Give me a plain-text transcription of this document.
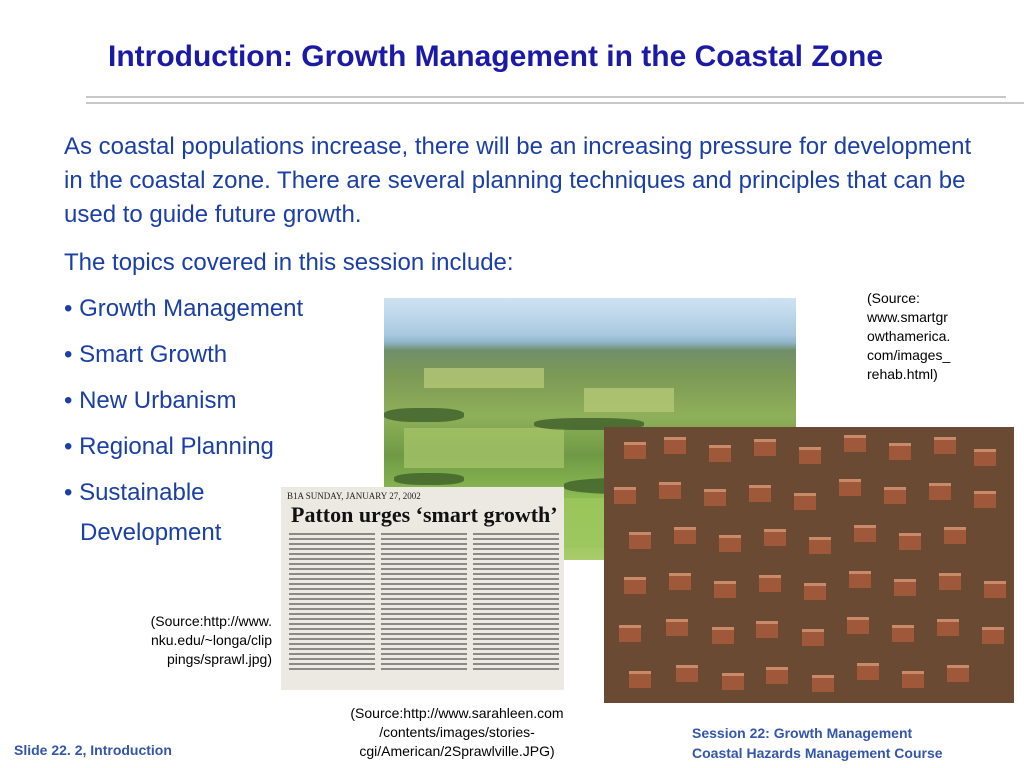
Introduction: Growth Management in the Coastal Zone
As coastal populations increase, there will be an increasing pressure for development in the coastal zone. There are several planning techniques and principles that can be used to guide future growth.
The topics covered in this session include:
• Growth Management
• Smart Growth
• New Urbanism
• Regional Planning
• Sustainable
Development
B1A SUNDAY, JANUARY 27, 2002
Patton urges ‘smart growth’
(Source:
www.smartgr
owthamerica.
com/images_
rehab.html)
(Source:http://www.
nku.edu/~longa/clip
pings/sprawl.jpg)
(Source:http://www.sarahleen.com
/contents/images/stories-
cgi/American/2Sprawlville.JPG)
Slide 22. 2, Introduction
Session 22: Growth Management
Coastal Hazards Management Course
